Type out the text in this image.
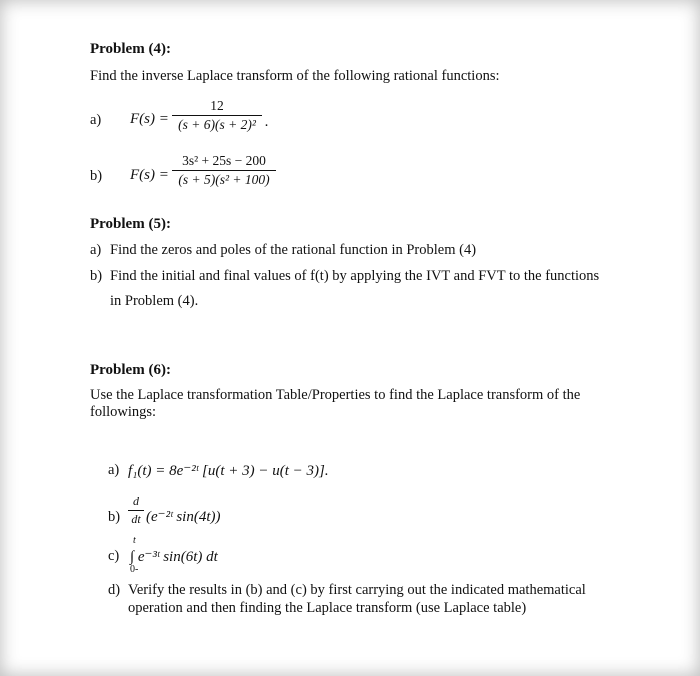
Problem (4):
Find the inverse Laplace transform of the following rational functions:
a) F(s) =
12
(s + 6)(s + 2)² .
b) F(s) =
3s² + 25s − 200
(s + 5)(s² + 100)
Problem (5):
a) Find the zeros and poles of the rational function in Problem (4)
b) Find the initial and final values of f(t) by applying the IVT and FVT to the functions
in Problem (4).
Problem (6):
Use the Laplace transformation Table/Properties to find the Laplace transform of the
followings:
a) f₁(t) = 8e⁻²ᵗ [u(t + 3) − u(t − 3)].
b)
d
dt (e⁻²ᵗ sin(4t))
c)
t
∫ e⁻³ᵗ sin(6t) dt
0-
d) Verify the results in (b) and (c) by first carrying out the indicated mathematical
operation and then finding the Laplace transform (use Laplace table)
